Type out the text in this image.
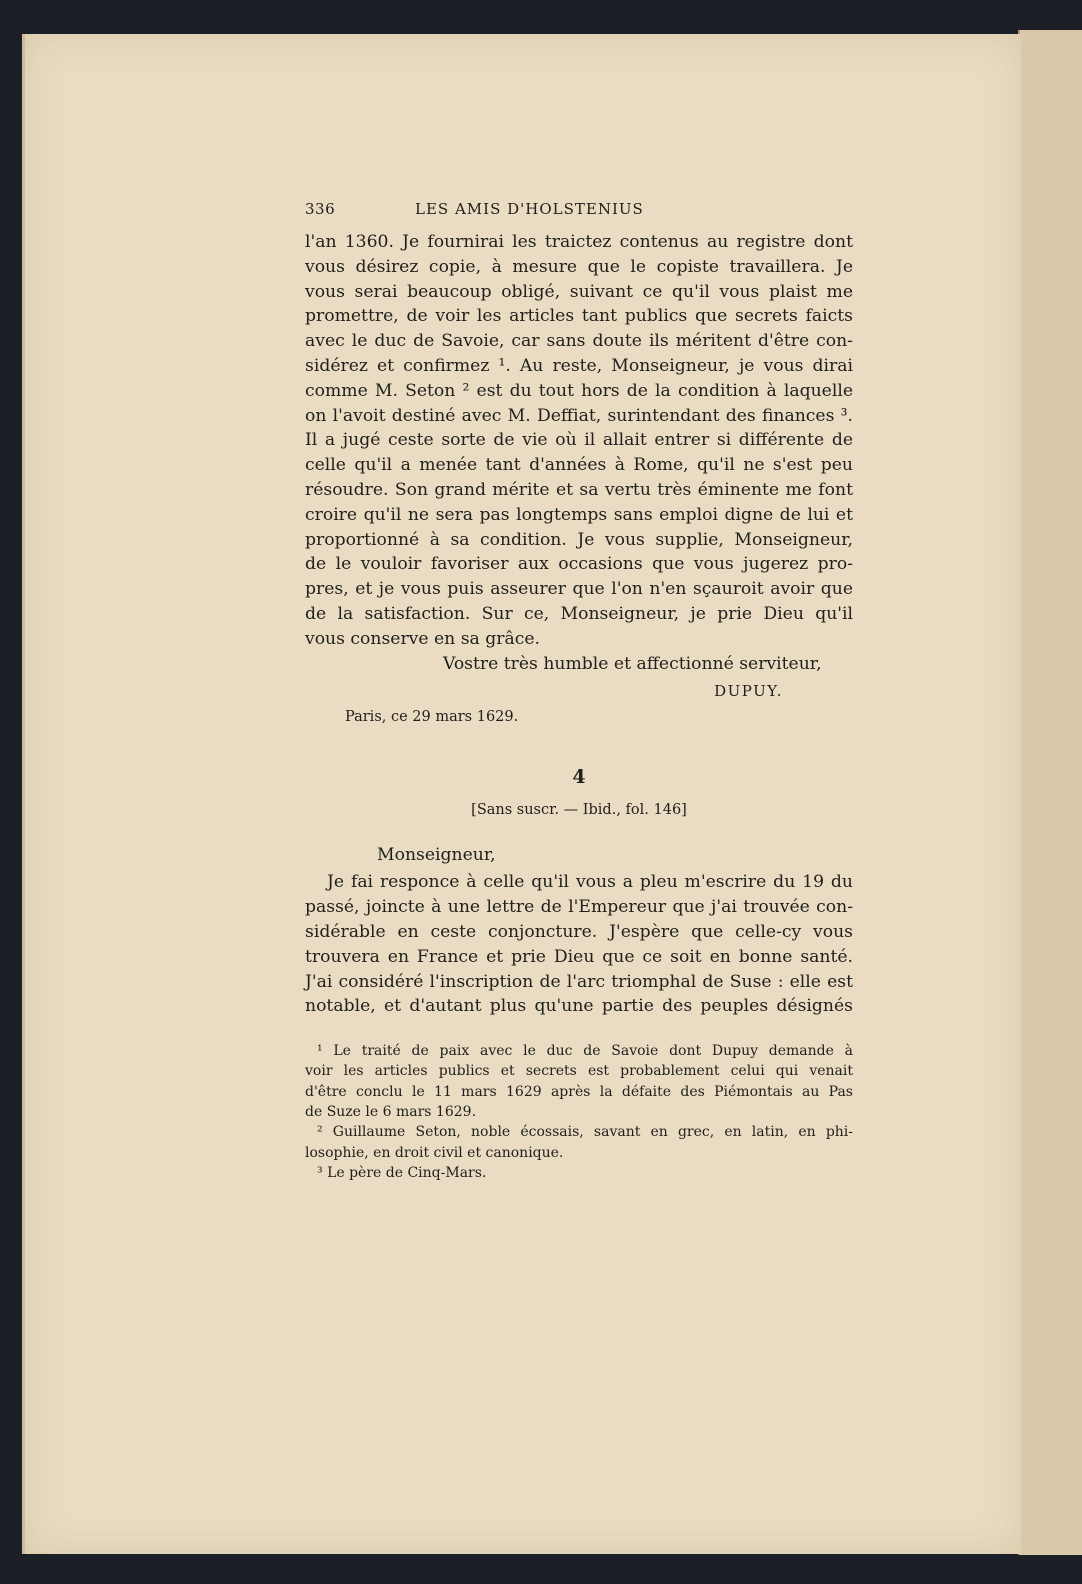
336	LES AMIS D'HOLSTENIUS
l'an 1360. Je fournirai les traictez contenus au registre dont
vous désirez copie, à mesure que le copiste travaillera. Je
vous serai beaucoup obligé, suivant ce qu'il vous plaist me
promettre, de voir les articles tant publics que secrets faicts
avec le duc de Savoie, car sans doute ils méritent d'être con-
sidérez et confirmez ¹. Au reste, Monseigneur, je vous dirai
comme M. Seton ² est du tout hors de la condition à laquelle
on l'avoit destiné avec M. Deffiat, surintendant des finances ³.
Il a jugé ceste sorte de vie où il allait entrer si différente de
celle qu'il a menée tant d'années à Rome, qu'il ne s'est peu
résoudre. Son grand mérite et sa vertu très éminente me font
croire qu'il ne sera pas longtemps sans emploi digne de lui et
proportionné à sa condition. Je vous supplie, Monseigneur,
de le vouloir favoriser aux occasions que vous jugerez pro-
pres, et je vous puis asseurer que l'on n'en sçauroit avoir que
de la satisfaction. Sur ce, Monseigneur, je prie Dieu qu'il
vous conserve en sa grâce.
Vostre très humble et affectionné serviteur,
DUPUY.
Paris, ce 29 mars 1629.
4
[Sans suscr. — Ibid., fol. 146]
Monseigneur,
Je fai responce à celle qu'il vous a pleu m'escrire du 19 du
passé, joincte à une lettre de l'Empereur que j'ai trouvée con-
sidérable en ceste conjoncture. J'espère que celle-cy vous
trouvera en France et prie Dieu que ce soit en bonne santé.
J'ai considéré l'inscription de l'arc triomphal de Suse : elle est
notable, et d'autant plus qu'une partie des peuples désignés
¹ Le traité de paix avec le duc de Savoie dont Dupuy demande à
voir les articles publics et secrets est probablement celui qui venait
d'être conclu le 11 mars 1629 après la défaite des Piémontais au Pas
de Suze le 6 mars 1629.
² Guillaume Seton, noble écossais, savant en grec, en latin, en phi-
losophie, en droit civil et canonique.
³ Le père de Cinq-Mars.
